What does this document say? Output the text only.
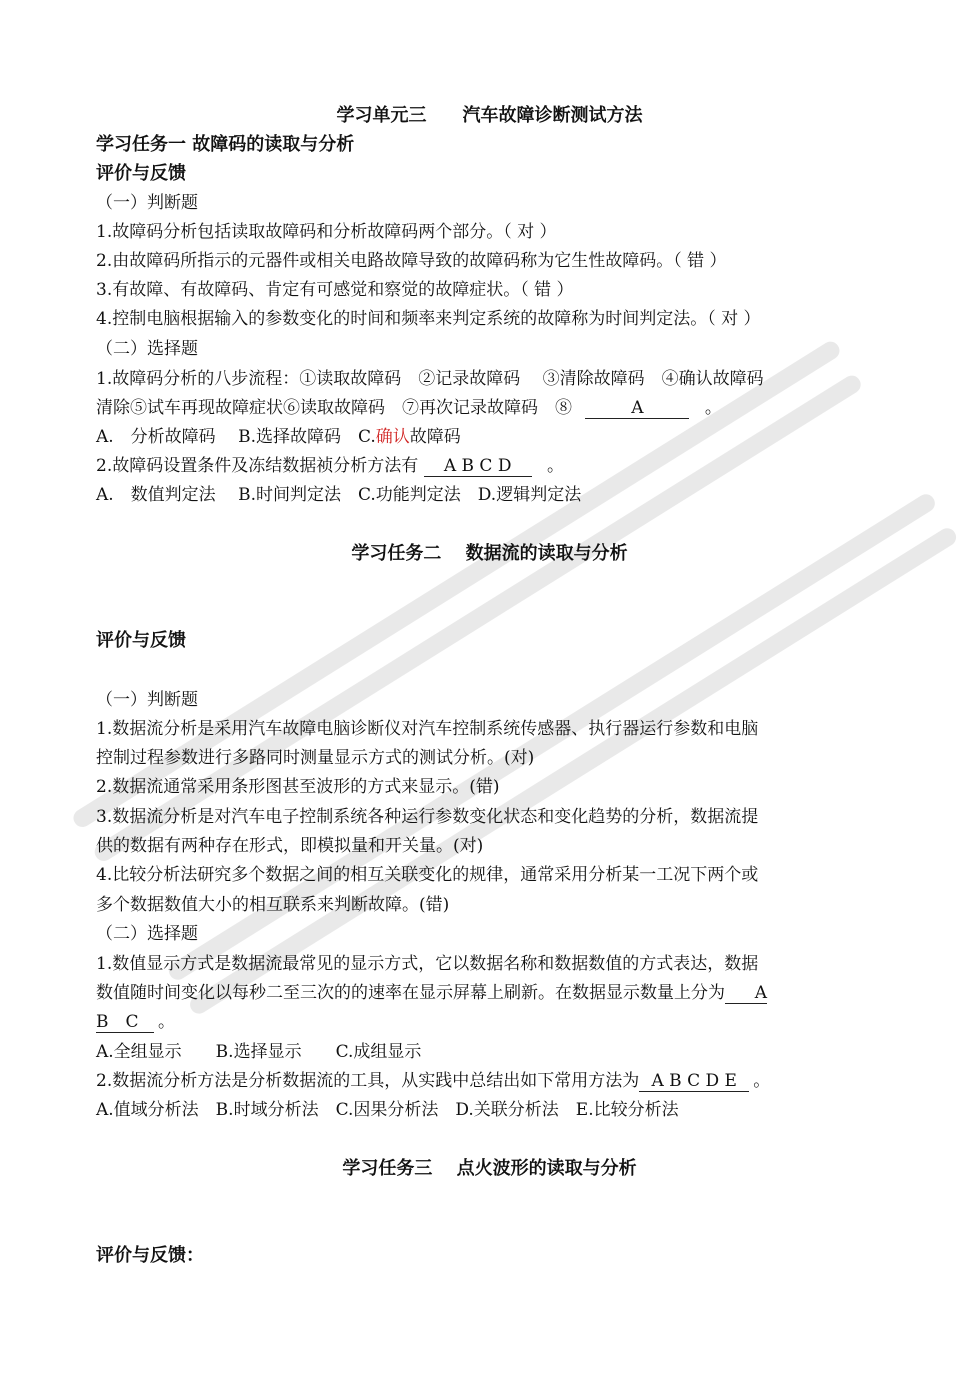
学习单元三　　汽车故障诊断测试方法
学习任务一 故障码的读取与分析
评价与反馈
（一）判断题
1.故障码分析包括读取故障码和分析故障码两个部分。（ 对 ）
2.由故障码所指示的元器件或相关电路故障导致的故障码称为它生性故障码。（ 错 ）
3.有故障、有故障码、肯定有可感觉和察觉的故障症状。（ 错 ）
4.控制电脑根据输入的参数变化的时间和频率来判定系统的故障称为时间判定法。（ 对 ）
（二）选择题
1.故障码分析的八步流程：①读取故障码　②记录故障码　 ③清除故障码　④确认故障码
清除⑤试车再现故障症状⑥读取故障码　⑦再次记录故障码　⑧	A	。
A.　分析故障码　 B.选择故障码　C.确认故障码
2.故障码设置条件及冻结数据祯分析方法有 A B C D 。
A.　数值判定法　 B.时间判定法　C.功能判定法　D.逻辑判定法
学习任务二　 数据流的读取与分析
评价与反馈
（一）判断题
1.数据流分析是采用汽车故障电脑诊断仪对汽车控制系统传感器、执行器运行参数和电脑
控制过程参数进行多路同时测量显示方式的测试分析。(对)
2.数据流通常采用条形图甚至波形的方式来显示。(错)
3.数据流分析是对汽车电子控制系统各种运行参数变化状态和变化趋势的分析，数据流提
供的数据有两种存在形式，即模拟量和开关量。(对)
4.比较分析法研究多个数据之间的相互关联变化的规律，通常采用分析某一工况下两个或
多个数据数值大小的相互联系来判断故障。(错)
（二）选择题
1.数值显示方式是数据流最常见的显示方式，它以数据名称和数据数值的方式表达，数据
数值随时间变化以每秒二至三次的的速率在显示屏幕上刷新。在数据显示数量上分为 A
B　C 。
A.全组显示　　B.选择显示　　C.成组显示
2.数据流分析方法是分析数据流的工具，从实践中总结出如下常用方法为 A B C D E 。
A.值域分析法　B.时域分析法　C.因果分析法　D.关联分析法　E.比较分析法
学习任务三　 点火波形的读取与分析
评价与反馈：
